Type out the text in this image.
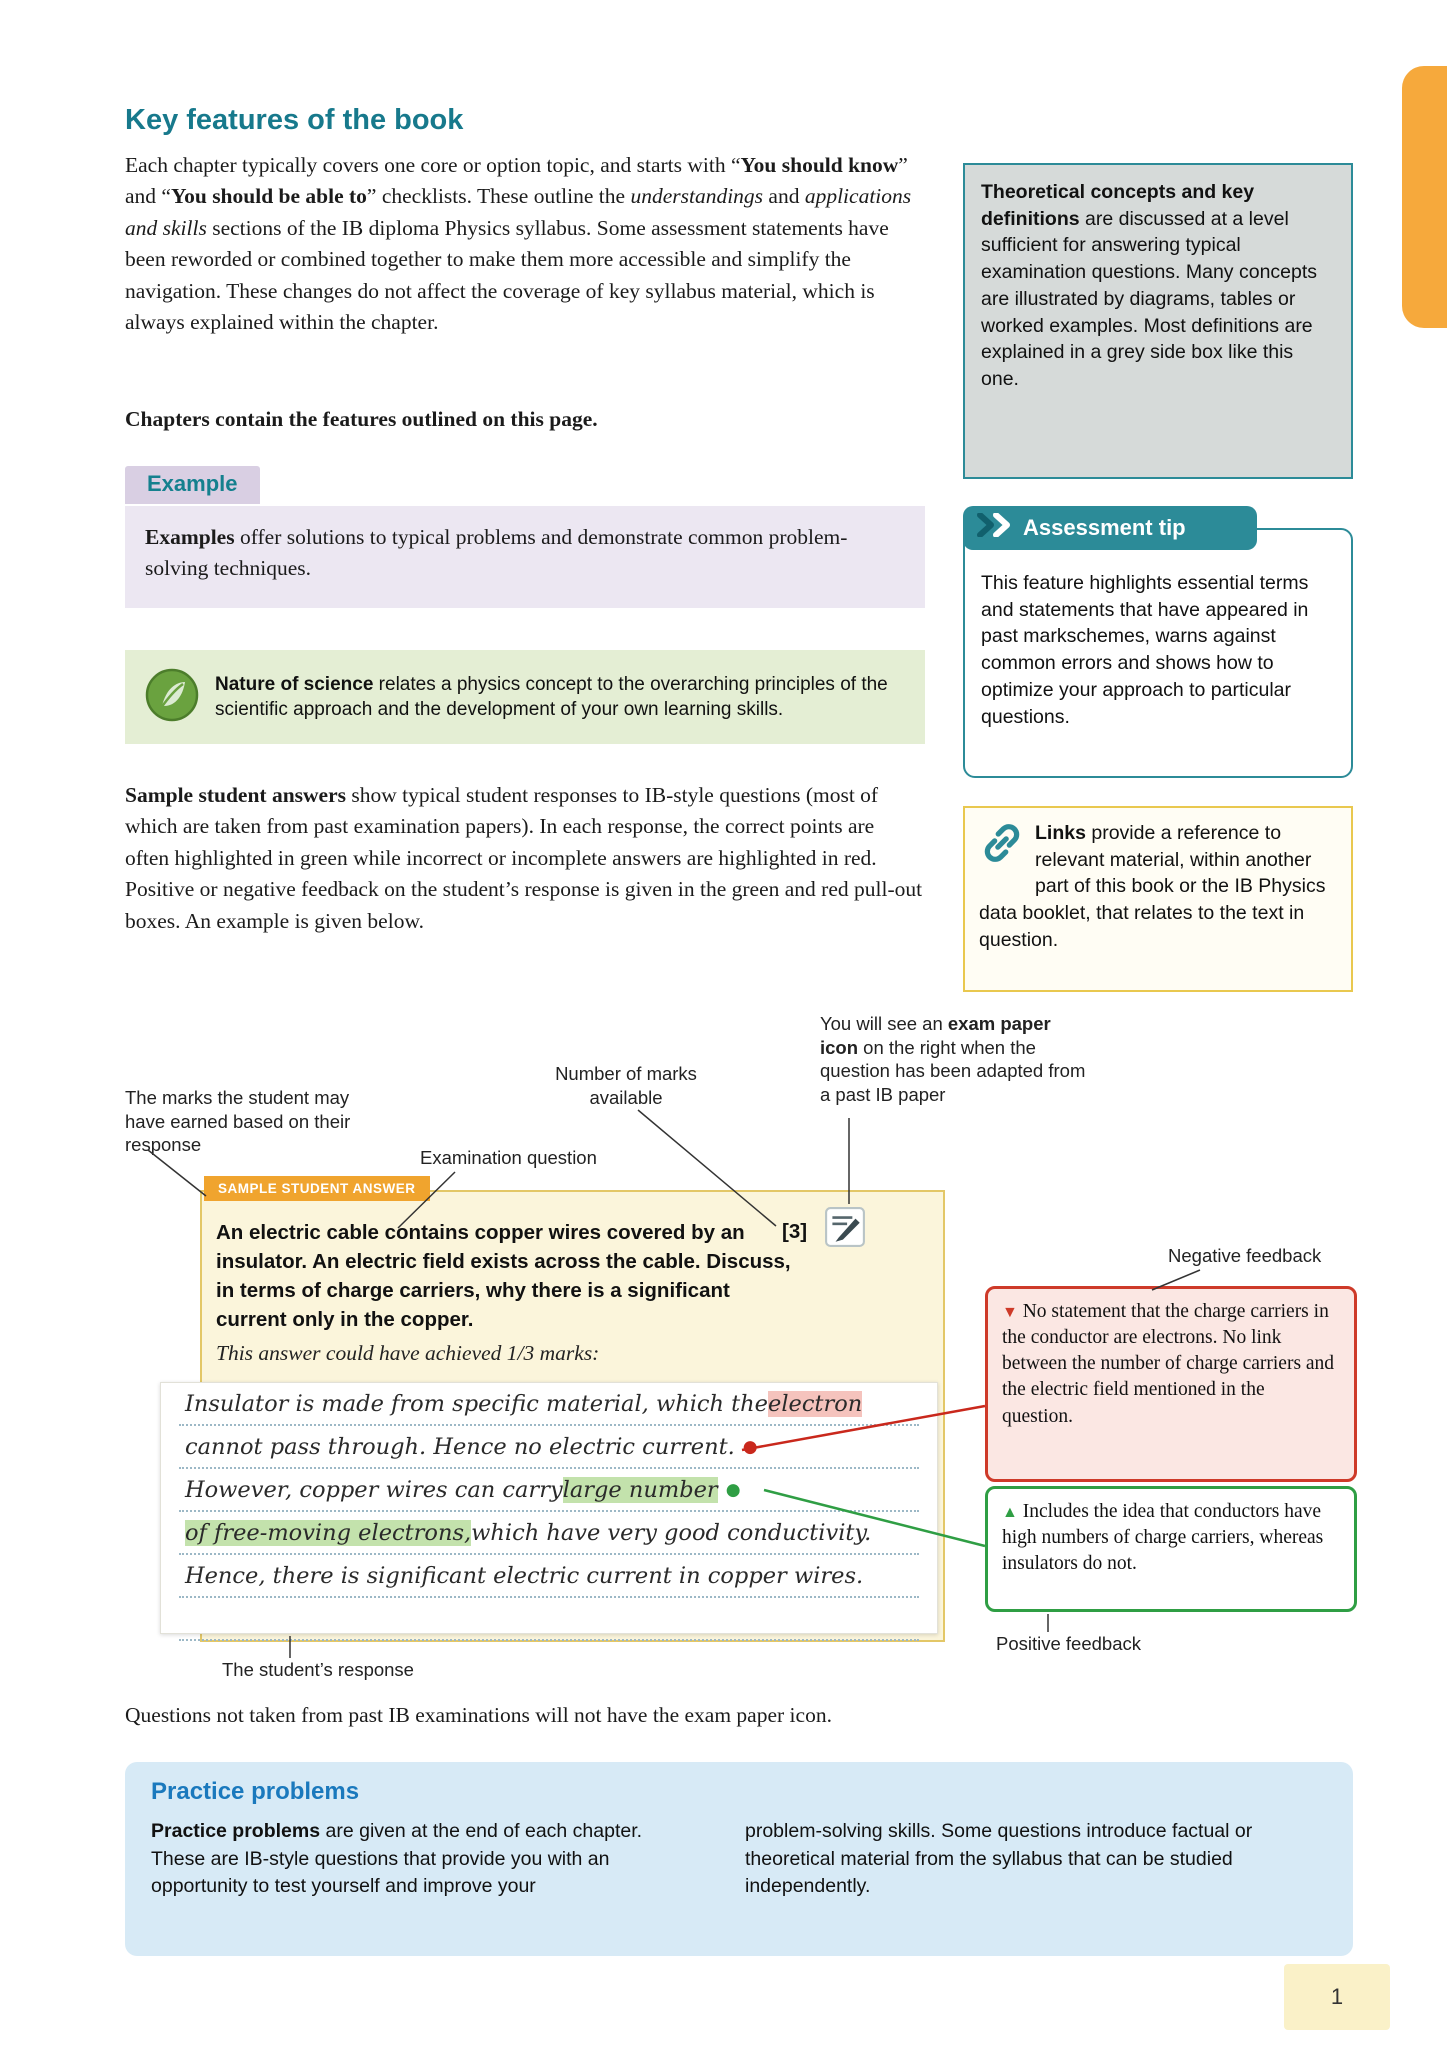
Key features of the book

Each chapter typically covers one core or option topic, and starts with “You should know” and “You should be able to” checklists. These outline the understandings and applications and skills sections of the IB diploma Physics syllabus. Some assessment statements have been reworded or combined together to make them more accessible and simplify the navigation. These changes do not affect the coverage of key syllabus material, which is always explained within the chapter.

Chapters contain the features outlined on this page.

Example

Examples offer solutions to typical problems and demonstrate common problem-solving techniques.

Nature of science relates a physics concept to the overarching principles of the scientific approach and the development of your own learning skills.

Sample student answers show typical student responses to IB-style questions (most of which are taken from past examination papers). In each response, the correct points are often highlighted in green while incorrect or incomplete answers are highlighted in red. Positive or negative feedback on the student’s response is given in the green and red pull-out boxes. An example is given below.

Theoretical concepts and key definitions are discussed at a level sufficient for answering typical examination questions. Many concepts are illustrated by diagrams, tables or worked examples. Most definitions are explained in a grey side box like this one.
Assessment tip
This feature highlights essential terms and statements that have appeared in past markschemes, warns against common errors and shows how to optimize your approach to particular questions.
Links provide a reference to relevant material, within another part of this book or the IB Physics data booklet, that relates to the text in question.
You will see an exam paper icon on the right when the question has been adapted from a past IB paper
Number of marks available
The marks the student may have earned based on their response
Examination question
Negative feedback
Positive feedback
The student’s response
SAMPLE STUDENT ANSWER

An electric cable contains copper wires covered by an insulator. An electric field exists across the cable. Discuss, in terms of charge carriers, why there is a significant current only in the copper.

[3]
This answer could have achieved 1/3 marks:
Insulator is made from specific material, which the electron
cannot pass through. Hence no electric current. ●
However, copper wires can carry large number ●
of free-moving electrons, which have very good conductivity.
Hence, there is significant electric current in copper wires.
▼ No statement that the charge carriers in the conductor are electrons. No link between the number of charge carriers and the electric field mentioned in the question.
▲ Includes the idea that conductors have high numbers of charge carriers, whereas insulators do not.

Questions not taken from past IB examinations will not have the exam paper icon.

Practice problems
Practice problems are given at the end of each chapter. These are IB-style questions that provide you with an opportunity to test yourself and improve your
problem-solving skills. Some questions introduce factual or theoretical material from the syllabus that can be studied independently.
1
